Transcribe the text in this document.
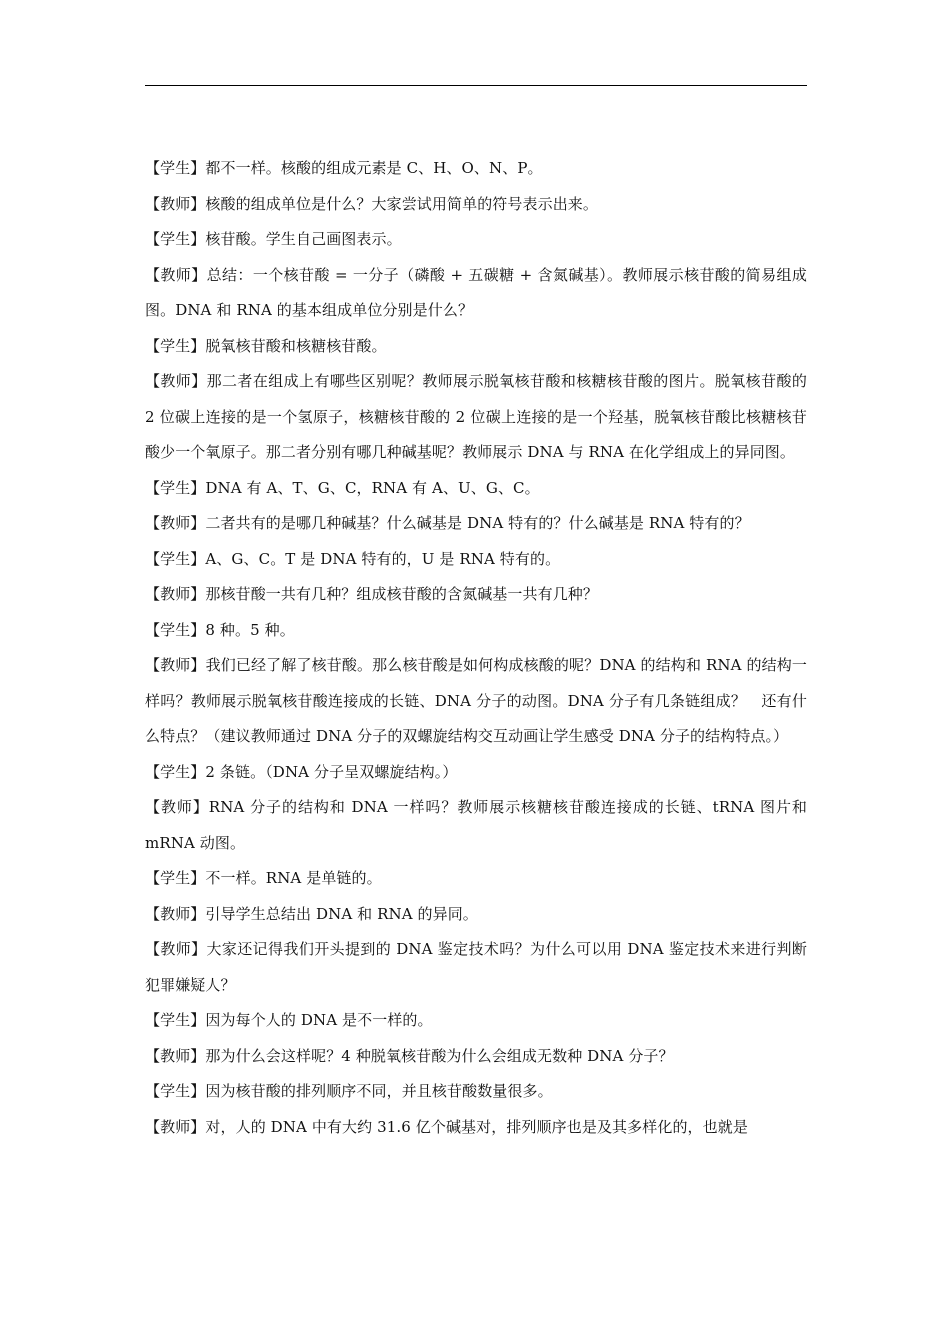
【学生】都不一样。核酸的组成元素是 C、H、O、N、P。

【教师】核酸的组成单位是什么？大家尝试用简单的符号表示出来。

【学生】核苷酸。学生自己画图表示。

【教师】总结：一个核苷酸 = 一分子（磷酸 + 五碳糖 + 含氮碱基）。教师展示核苷酸的简易组成图。DNA 和 RNA 的基本组成单位分别是什么？

【学生】脱氧核苷酸和核糖核苷酸。

【教师】那二者在组成上有哪些区别呢？教师展示脱氧核苷酸和核糖核苷酸的图片。脱氧核苷酸的 2 位碳上连接的是一个氢原子，核糖核苷酸的 2 位碳上连接的是一个羟基，脱氧核苷酸比核糖核苷酸少一个氧原子。那二者分别有哪几种碱基呢？教师展示 DNA 与 RNA 在化学组成上的异同图。

【学生】DNA 有 A、T、G、C，RNA 有 A、U、G、C。

【教师】二者共有的是哪几种碱基？什么碱基是 DNA 特有的？什么碱基是 RNA 特有的？

【学生】A、G、C。T 是 DNA 特有的，U 是 RNA 特有的。

【教师】那核苷酸一共有几种？组成核苷酸的含氮碱基一共有几种？

【学生】8 种。5 种。

【教师】我们已经了解了核苷酸。那么核苷酸是如何构成核酸的呢？DNA 的结构和 RNA 的结构一样吗？教师展示脱氧核苷酸连接成的长链、DNA 分子的动图。DNA 分子有几条链组成？　还有什么特点？（建议教师通过 DNA 分子的双螺旋结构交互动画让学生感受 DNA 分子的结构特点。）

【学生】2 条链。（DNA 分子呈双螺旋结构。）

【教师】RNA 分子的结构和 DNA 一样吗？教师展示核糖核苷酸连接成的长链、tRNA 图片和 mRNA 动图。

【学生】不一样。RNA 是单链的。

【教师】引导学生总结出 DNA 和 RNA 的异同。

【教师】大家还记得我们开头提到的 DNA 鉴定技术吗？为什么可以用 DNA 鉴定技术来进行判断犯罪嫌疑人？

【学生】因为每个人的 DNA 是不一样的。

【教师】那为什么会这样呢？4 种脱氧核苷酸为什么会组成无数种 DNA 分子？

【学生】因为核苷酸的排列顺序不同，并且核苷酸数量很多。

【教师】对，人的 DNA 中有大约 31.6 亿个碱基对，排列顺序也是及其多样化的，也就是
